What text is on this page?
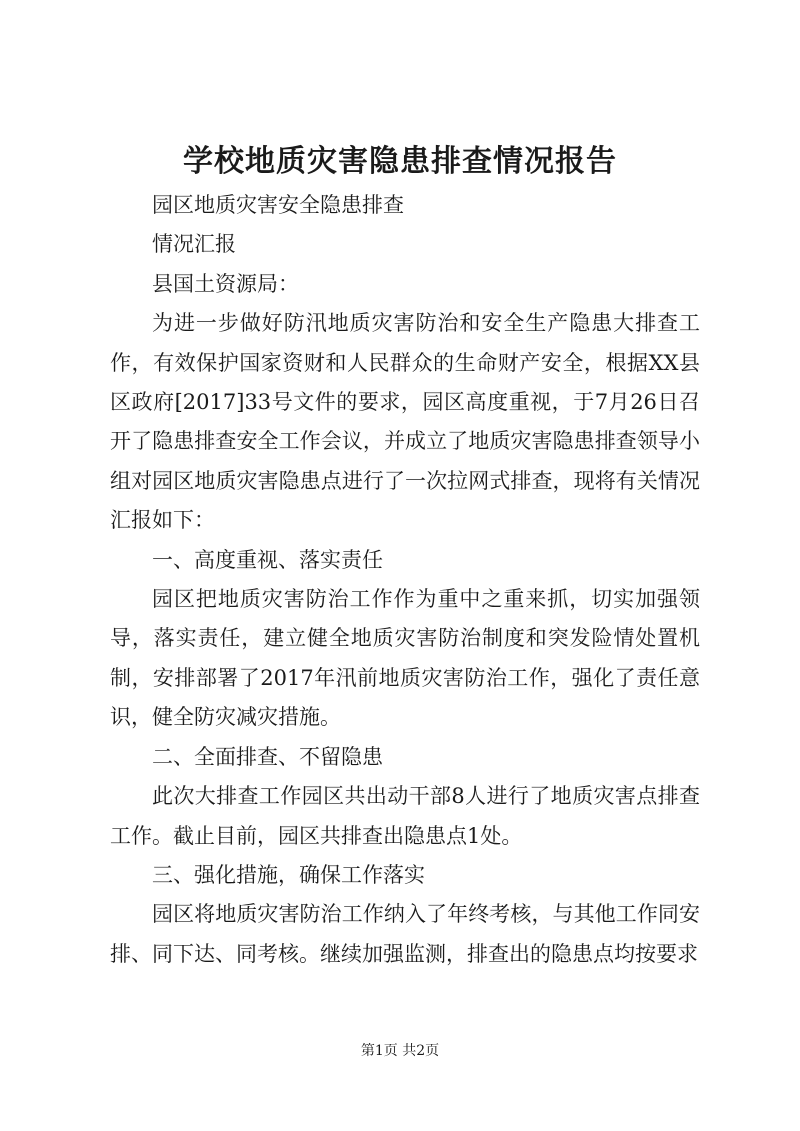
学校地质灾害隐患排查情况报告

园区地质灾害安全隐患排查

情况汇报

县国土资源局：

为进一步做好防汛地质灾害防治和安全生产隐患大排查工作，有效保护国家资财和人民群众的生命财产安全，根据XX县区政府[2017]33号文件的要求，园区高度重视，于7月26日召开了隐患排查安全工作会议，并成立了地质灾害隐患排查领导小组对园区地质灾害隐患点进行了一次拉网式排查，现将有关情况汇报如下：

一、高度重视、落实责任

园区把地质灾害防治工作作为重中之重来抓，切实加强领导，落实责任，建立健全地质灾害防治制度和突发险情处置机制，安排部署了2017年汛前地质灾害防治工作，强化了责任意识，健全防灾减灾措施。

二、全面排查、不留隐患

此次大排查工作园区共出动干部8人进行了地质灾害点排查工作。截止目前，园区共排查出隐患点1处。

三、强化措施，确保工作落实

园区将地质灾害防治工作纳入了年终考核，与其他工作同安排、同下达、同考核。继续加强监测，排查出的隐患点均按要求

第1页 共2页
